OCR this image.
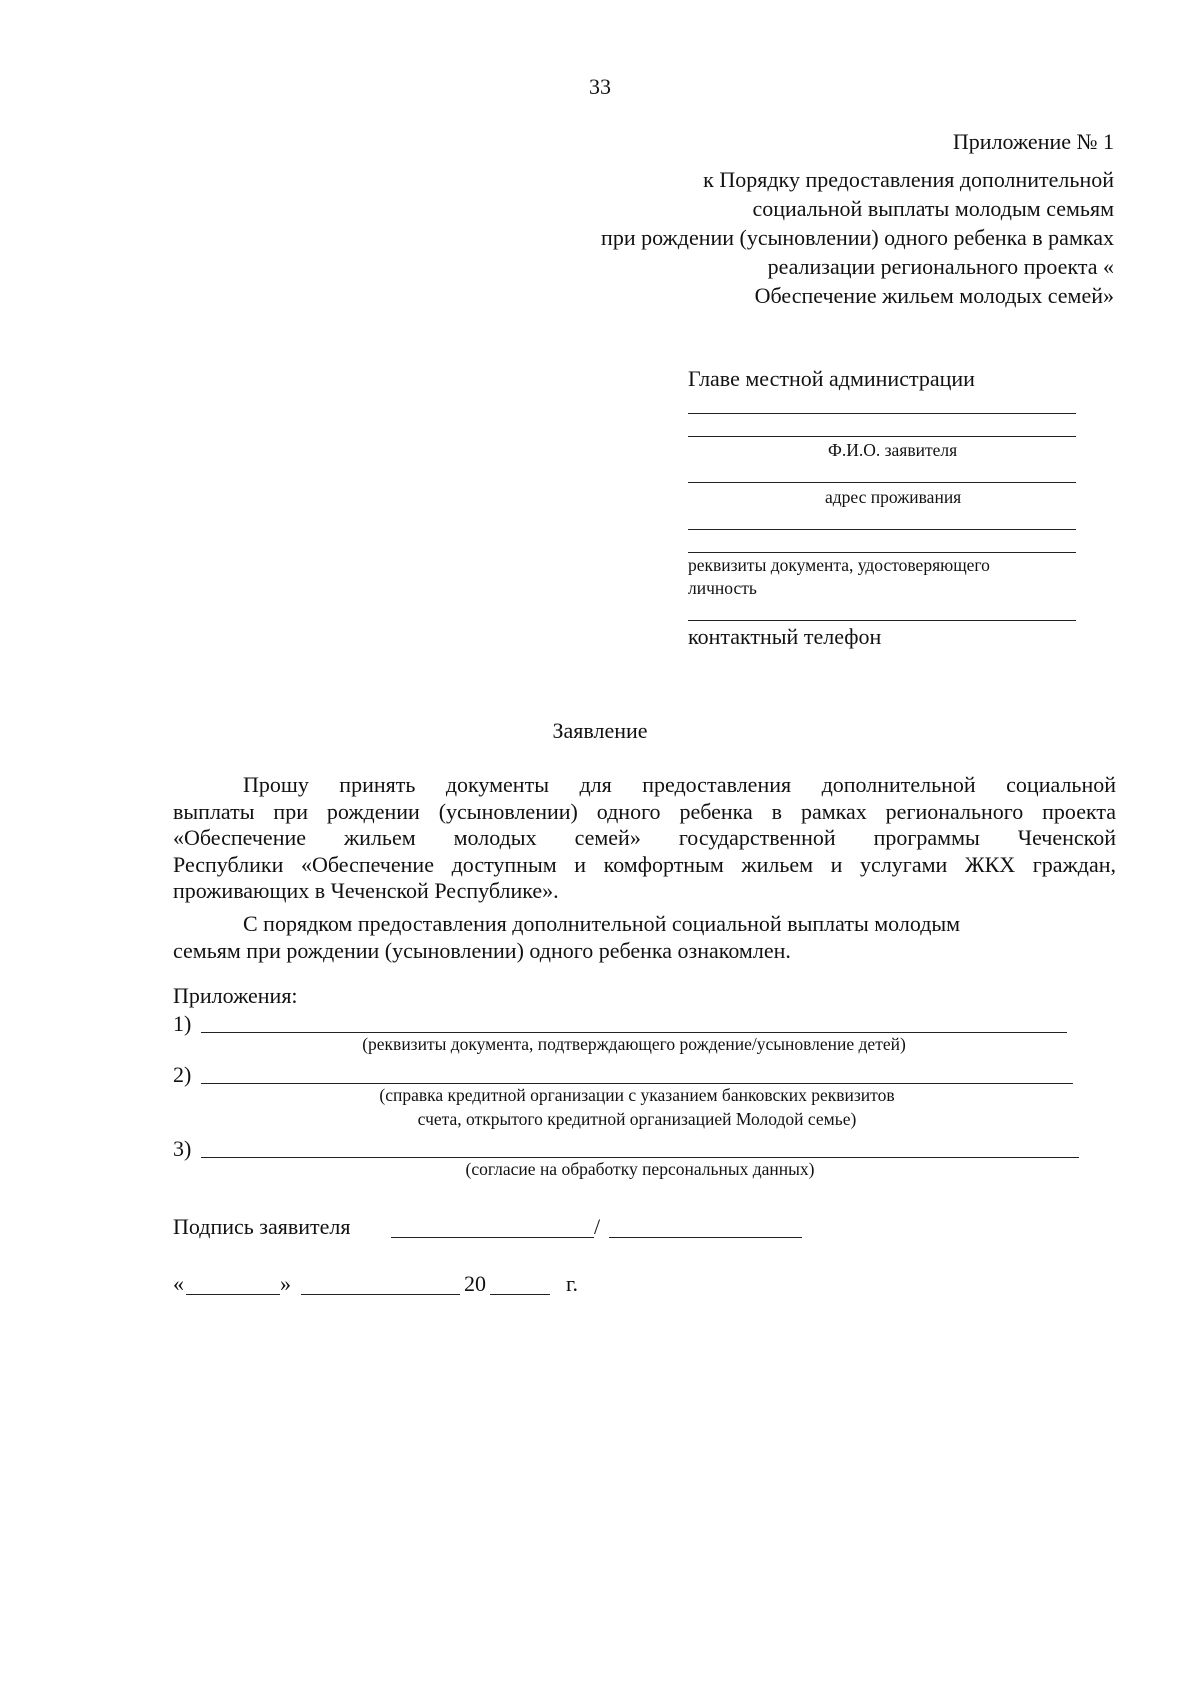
33
Приложение № 1
к Порядку предоставления дополнительной
социальной выплаты молодым семьям
при рождении (усыновлении) одного ребенка в рамках
реализации регионального проекта «
Обеспечение жильем молодых семей»
Главе местной администрации
Ф.И.О. заявителя
адрес проживания
реквизиты документа, удостоверяющего
личность
контактный телефон
Заявление
Прошу принять документы для предоставления дополнительной социальной
выплаты при рождении (усыновлении) одного ребенка в рамках регионального проекта
«Обеспечение жильем молодых семей» государственной программы Чеченской
Республики «Обеспечение доступным и комфортным жильем и услугами ЖКХ граждан,
проживающих в Чеченской Республике».
С порядком предоставления дополнительной социальной выплаты молодым
семьям при рождении (усыновлении) одного ребенка ознакомлен.
Приложения:
1)
(реквизиты документа, подтверждающего рождение/усыновление детей)
2)
(справка кредитной организации с указанием банковских реквизитов
счета, открытого кредитной организацией Молодой семье)
3)
(согласие на обработку персональных данных)
Подпись заявителя	/
«	»	20	г.
